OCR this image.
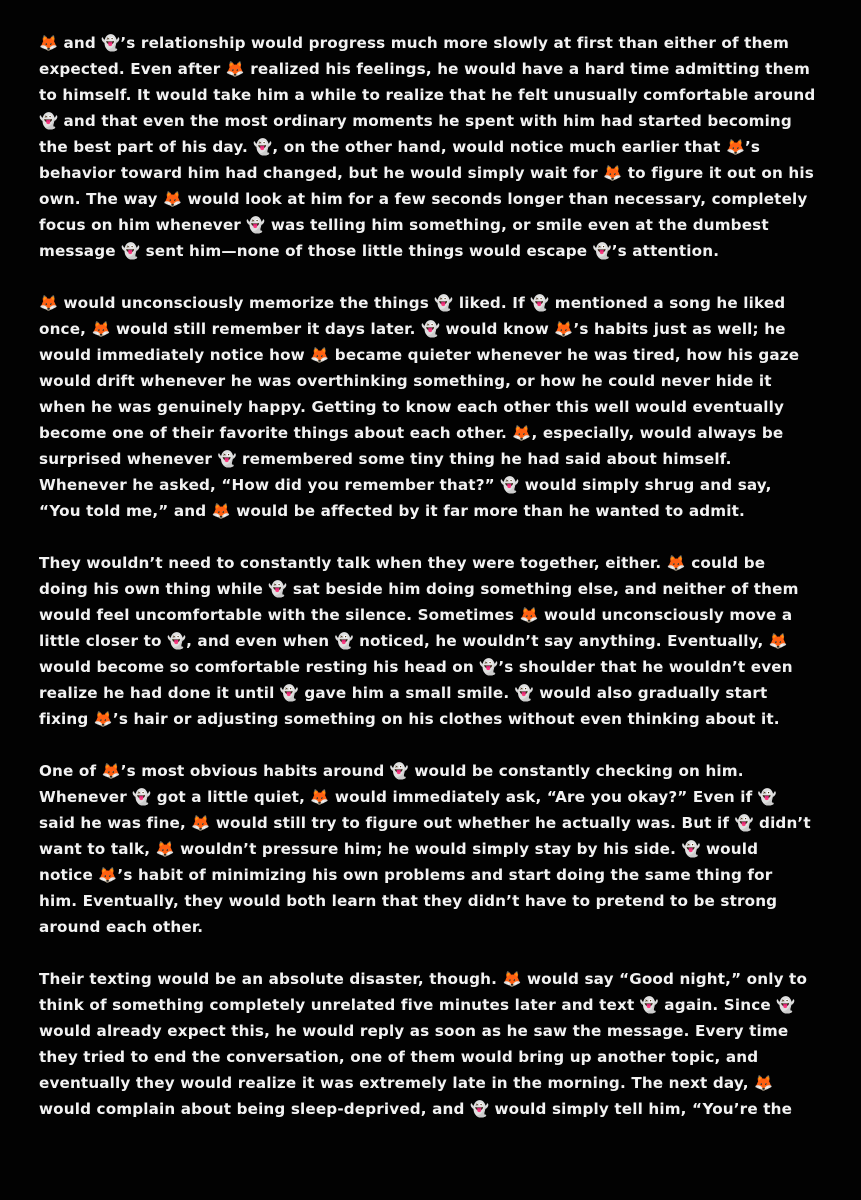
🦊 and 👻’s relationship would progress much more slowly at first than either of them
expected. Even after 🦊 realized his feelings, he would have a hard time admitting them
to himself. It would take him a while to realize that he felt unusually comfortable around
👻 and that even the most ordinary moments he spent with him had started becoming
the best part of his day. 👻, on the other hand, would notice much earlier that 🦊’s
behavior toward him had changed, but he would simply wait for 🦊 to figure it out on his
own. The way 🦊 would look at him for a few seconds longer than necessary, completely
focus on him whenever 👻 was telling him something, or smile even at the dumbest
message 👻 sent him—none of those little things would escape 👻’s attention.
🦊 would unconsciously memorize the things 👻 liked. If 👻 mentioned a song he liked
once, 🦊 would still remember it days later. 👻 would know 🦊’s habits just as well; he
would immediately notice how 🦊 became quieter whenever he was tired, how his gaze
would drift whenever he was overthinking something, or how he could never hide it
when he was genuinely happy. Getting to know each other this well would eventually
become one of their favorite things about each other. 🦊, especially, would always be
surprised whenever 👻 remembered some tiny thing he had said about himself.
Whenever he asked, “How did you remember that?” 👻 would simply shrug and say,
“You told me,” and 🦊 would be affected by it far more than he wanted to admit.
They wouldn’t need to constantly talk when they were together, either. 🦊 could be
doing his own thing while 👻 sat beside him doing something else, and neither of them
would feel uncomfortable with the silence. Sometimes 🦊 would unconsciously move a
little closer to 👻, and even when 👻 noticed, he wouldn’t say anything. Eventually, 🦊
would become so comfortable resting his head on 👻’s shoulder that he wouldn’t even
realize he had done it until 👻 gave him a small smile. 👻 would also gradually start
fixing 🦊’s hair or adjusting something on his clothes without even thinking about it.
One of 🦊’s most obvious habits around 👻 would be constantly checking on him.
Whenever 👻 got a little quiet, 🦊 would immediately ask, “Are you okay?” Even if 👻
said he was fine, 🦊 would still try to figure out whether he actually was. But if 👻 didn’t
want to talk, 🦊 wouldn’t pressure him; he would simply stay by his side. 👻 would
notice 🦊’s habit of minimizing his own problems and start doing the same thing for
him. Eventually, they would both learn that they didn’t have to pretend to be strong
around each other.
Their texting would be an absolute disaster, though. 🦊 would say “Good night,” only to
think of something completely unrelated five minutes later and text 👻 again. Since 👻
would already expect this, he would reply as soon as he saw the message. Every time
they tried to end the conversation, one of them would bring up another topic, and
eventually they would realize it was extremely late in the morning. The next day, 🦊
would complain about being sleep-deprived, and 👻 would simply tell him, “You’re the
